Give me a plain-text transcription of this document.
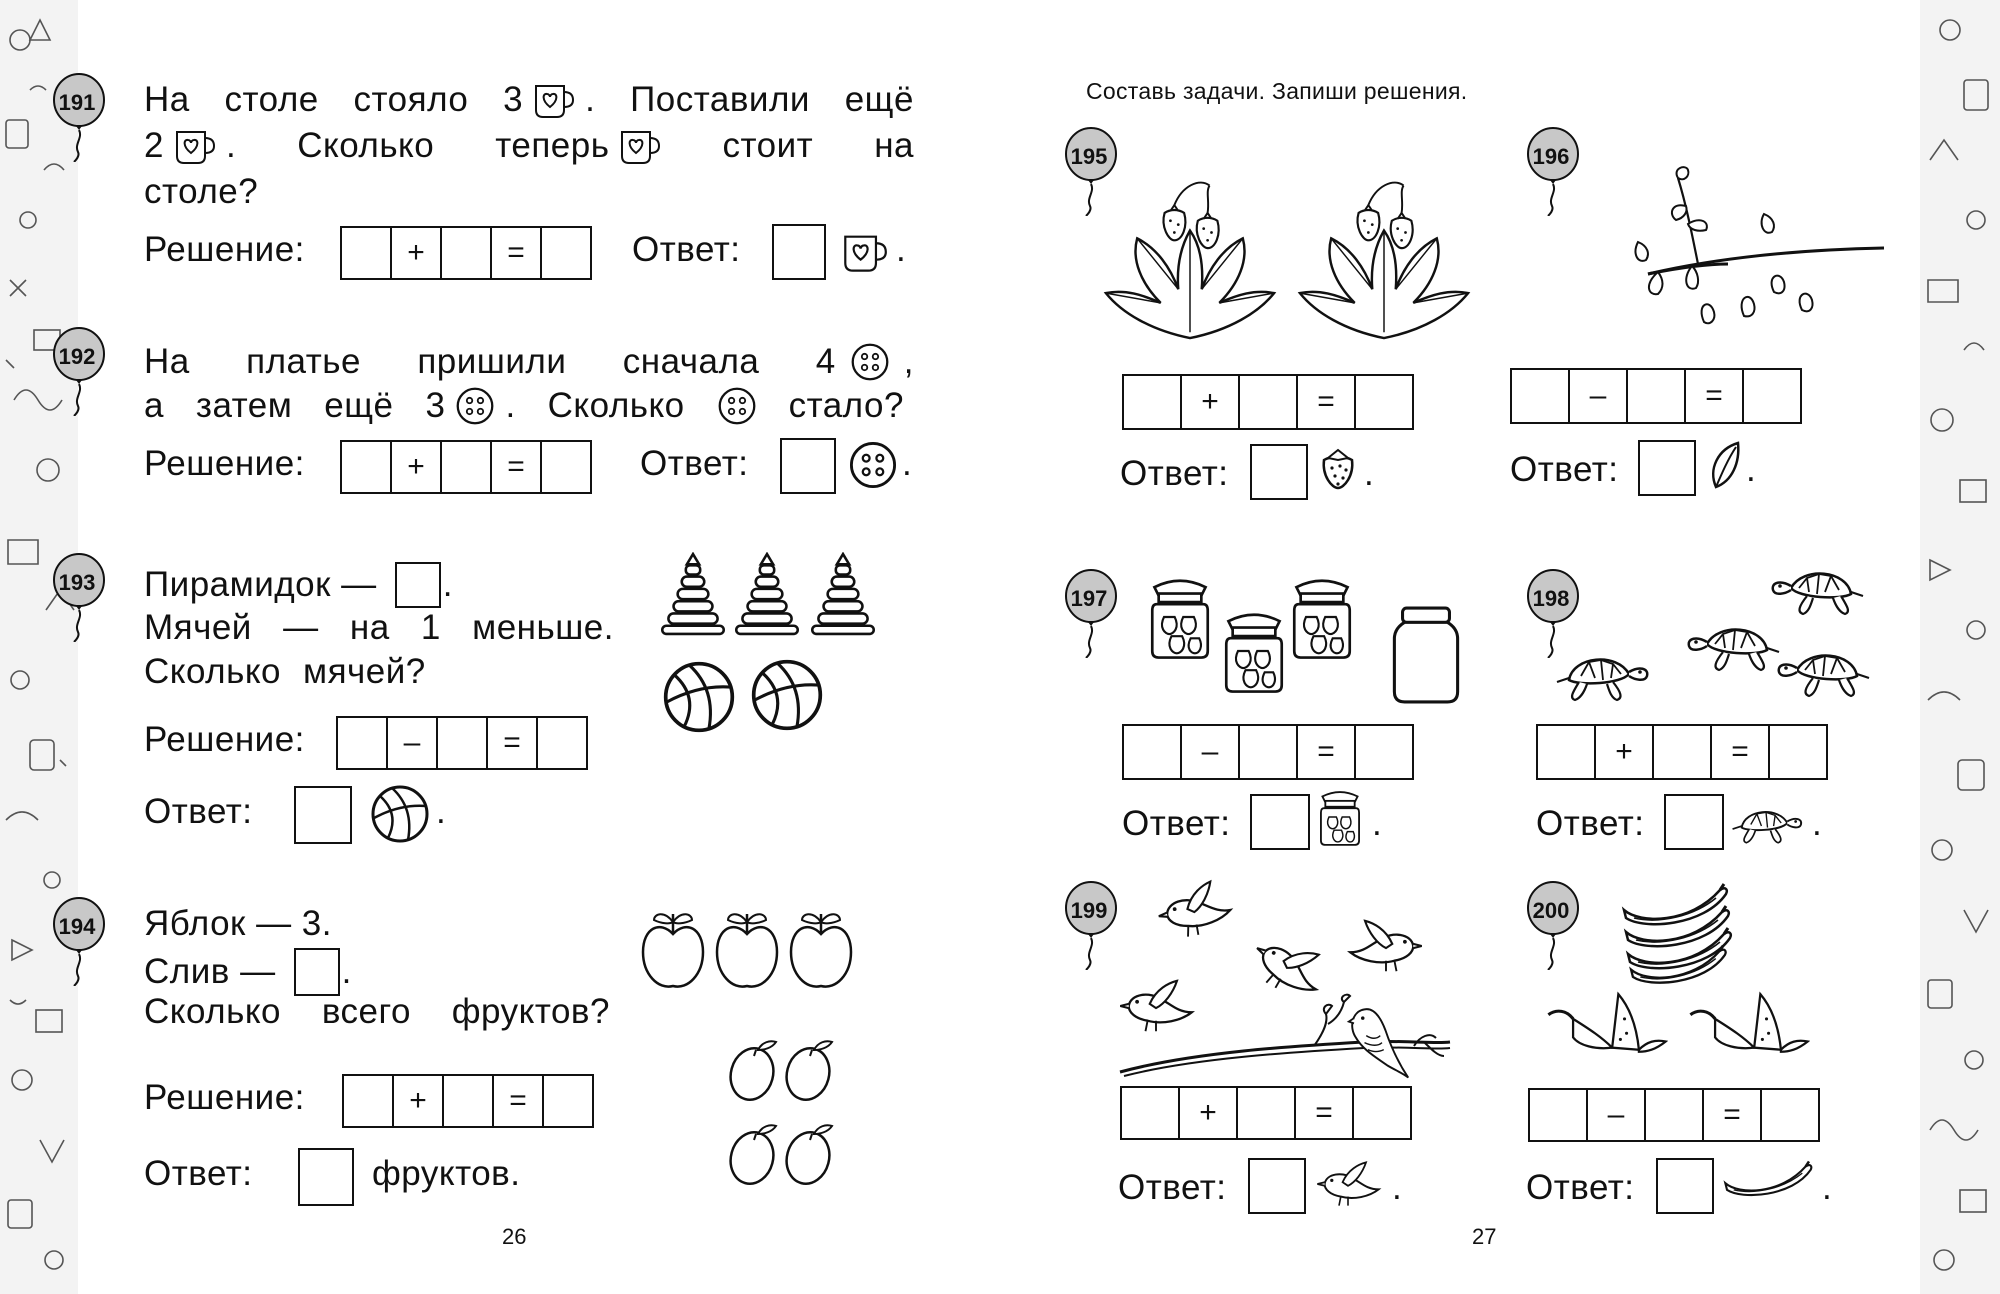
191 На столе стояло 3 . Поставили ещё
2 . Сколько теперь	стоит на
столе?
Решение:	+	=	Ответ:	.
192 На платье пришили сначала 4 ,
а затем ещё 3 . Сколько	стало?
Решение:	+	=	Ответ:	.
193 Пирамидок — .
Мячей — на 1 меньше.
Сколько мячей?
Решение:	–	=
Ответ:	.
194 Яблок — 3.
Слив — .
Сколько всего фруктов?
Решение:	+	=
Ответ:	фруктов.
26
Составь задачи. Запиши решения.
195
+	=
Ответ:	.
196
–	=
Ответ:	.
197
–	=
Ответ:	.
198
+	=
Ответ:	.
199
+	=
Ответ:	.
200
–	=
Ответ:	.
27
